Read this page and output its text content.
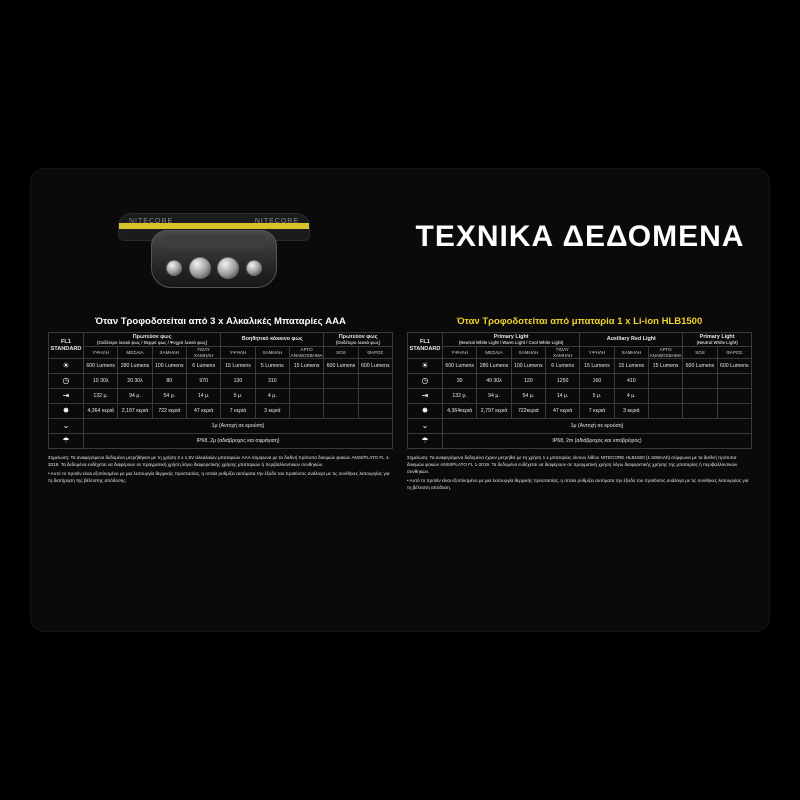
NITECORE	NITECORE	ΤΕΧΝΙΚΑ ΔΕΔΟΜΕΝΑ
Όταν Τροφοδοτείται από 3 x Αλκαλικές Μπαταρίες AAA
FL1 STANDARD	
Πρωτεύον φως
(Ουδέτερο λευκό φως / Θερμό φως / Ψυχρό λευκό φως)

Βοηθητικό κόκκινο φως	Πρωτεύον φως
(Ουδέτερο λευκό φως)

	ΥΨΗΛΗ	ΜΕΣΑΙΑ	ΧΑΜΗΛΗ	ΠΟΛΥ ΧΑΜΗΛΗ	ΥΨΗΛΗ	ΧΑΜΗΛΗ	ΑΡΓΟ ΑΝΑΒΟΣΒΗΜΑ	SOS	ΦΑΡΟΣ
☀	600 Lumens	280 Lumens	100 Lumens	6 Lumens	15 Lumens	5 Lumens	15 Lumens	600 Lumens	600 Lumens
◷	10 30λ	20 30λ	80	970	130	310			
⇥	132 μ.	94 μ.	54 μ.	14 μ.	5 μ.	4 μ.			
✸	4,364 κεριά	2,197 κεριά	722 κεριά	47 κεριά	7 κεριά	3 κεριά			
⌄	1μ (Αντοχή σε κρούση)								
☂	IP68, 2μ (αδιάβροχος και σφράγιση)								

Σημείωση: Τα αναφερόμενα δεδομένα μετρήθηκαν με τη χρήση 3 x 1,5V αλκαλικών μπαταριών AAA σύμφωνα με τα διεθνή πρότυπα δοκιμών φακών ANSI/PLATO FL 1-2019. Τα δεδομένα ενδέχεται να διαφέρουν σε πραγματική χρήση λόγω διαφορετικής χρήσης μπαταριών ή περιβαλλοντικών συνθηκών.

• Αυτό το προϊόν είναι εξοπλισμένο με μια λειτουργία θερμικής προστασίας, η οποία ρυθμίζει αυτόματα την έξοδο του προϊόντος ανάλογα με τις συνθήκες λειτουργίας για τη διατήρηση της βέλτιστης απόδοσης.

Όταν Τροφοδοτείται από μπαταρία 1 x Li-ion HLB1500
FL1 STANDARD	
Primary Light
(Neutral White Light / Warm Light / Cool White Light)

Auxiliary Red Light	Primary Light
(Neutral White Light)

	ΥΨΗΛΗ	ΜΕΣΑΙΑ	ΧΑΜΗΛΗ	ΠΟΛΥ ΧΑΜΗΛΗ	ΥΨΗΛΗ	ΧΑΜΗΛΗ	ΑΡΓΟ ΑΝΑΒΟΣΒΗΜΑ	SOS	ΦΑΡΟΣ
☀	600 Lumens	280 Lumens	100 Lumens	6 Lumens	15 Lumens	15 Lumens	15 Lumens	600 Lumens	600 Lumens
◷	30	40 30λ	120	1250	160	410			
⇥	132 μ.	94 μ.	54 μ.	14 μ.	5 μ.	4 μ.			
✸	4,364κεριά	2,797 κεριά	722κεριά	47 κεριά	7 κεριά	3 κεριά			
⌄	1μ (Αντοχή σε κρούση)								
☂	IP68, 2m (αδιάβροχος και υποβρύχιος)								

Σημείωση: Τα αναφερόμενα δεδομένα έχουν μετρηθεί με τη χρήση 1 x μπαταρίας ιόντων λιθίου NITECORE HLB1500 (1.500mAh) σύμφωνα με τα διεθνή πρότυπα δοκιμών φακών ANSI/PLATO FL 1-2019. Τα δεδομένα ενδέχεται να διαφέρουν σε πραγματική χρήση λόγω διαφορετικής χρήσης της μπαταρίας ή περιβαλλοντικών συνθηκών.

• Αυτό το προϊόν είναι εξοπλισμένο με μια λειτουργία θερμικής προστασίας, η οποία ρυθμίζει αυτόματα την έξοδο του προϊόντος ανάλογα με τις συνθήκες λειτουργίας για τη βέλτιστη απόδοση.
